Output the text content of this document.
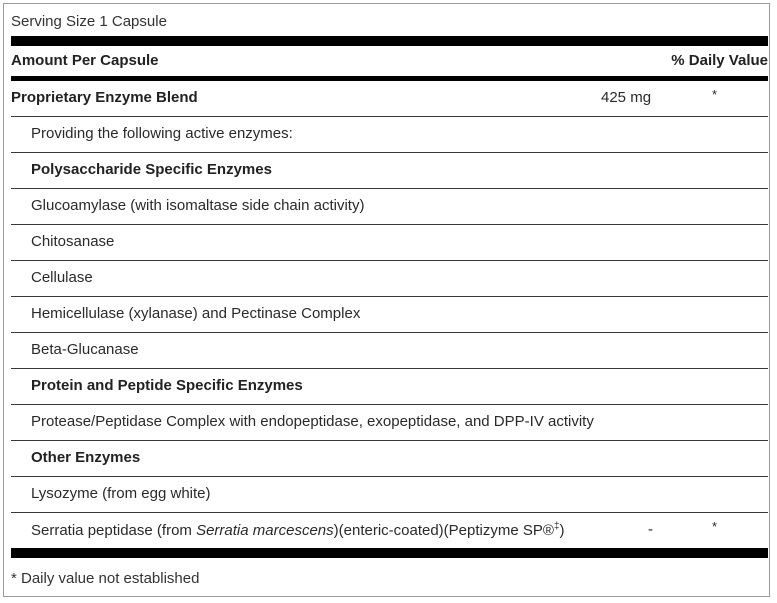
Serving Size 1 Capsule
Amount Per Capsule	% Daily Value
Proprietary Enzyme Blend	425 mg	*
Providing the following active enzymes:
Polysaccharide Specific Enzymes
Glucoamylase (with isomaltase side chain activity)
Chitosanase
Cellulase
Hemicellulase (xylanase) and Pectinase Complex
Beta-Glucanase
Protein and Peptide Specific Enzymes
Protease/Peptidase Complex with endopeptidase, exopeptidase, and DPP-IV activity
Other Enzymes
Lysozyme (from egg white)
Serratia peptidase (from Serratia marcescens)(enteric-coated)(Peptizyme SP®‡)	-	*
* Daily value not established
